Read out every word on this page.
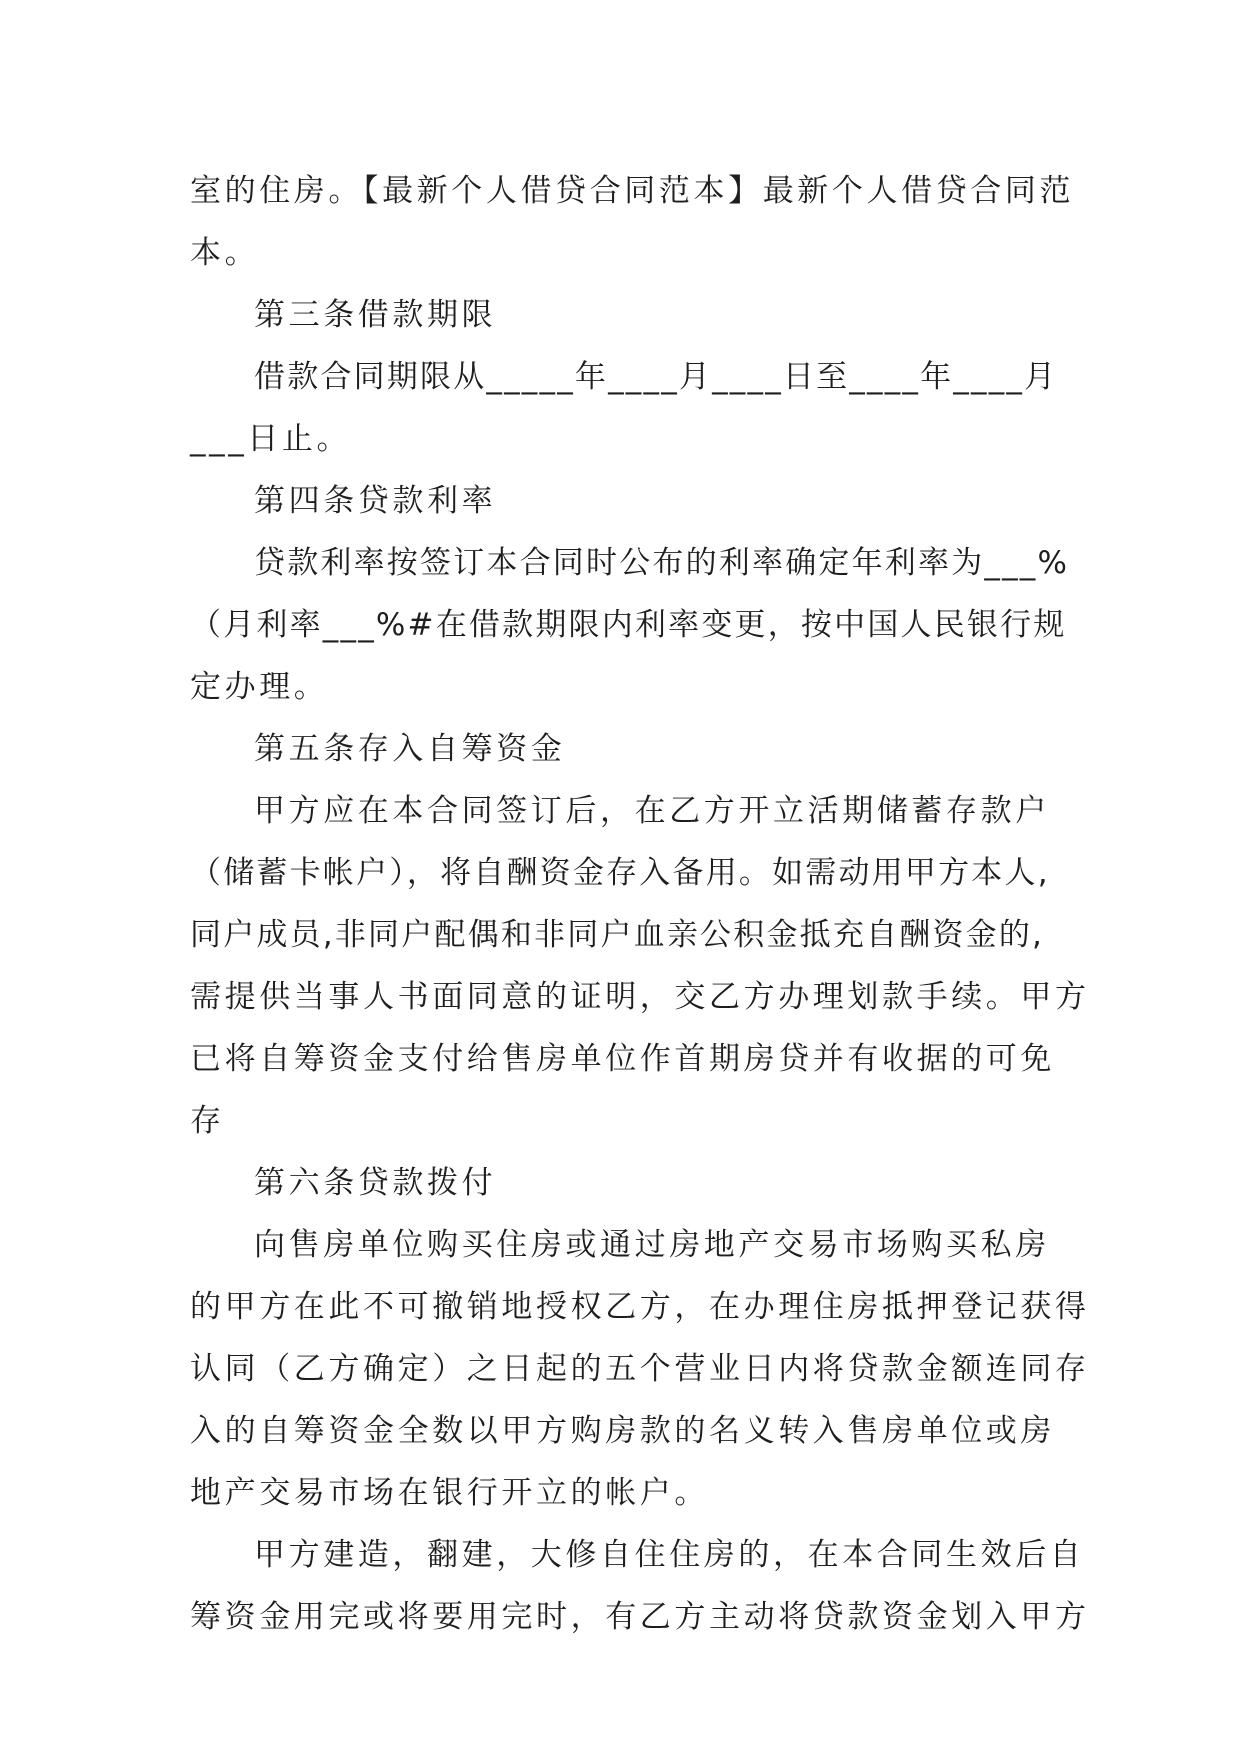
室的住房。【最新个人借贷合同范本】最新个人借贷合同范
本。
第三条借款期限
借款合同期限从_____年____月____日至____年____月
___日止。
第四条贷款利率
贷款利率按签订本合同时公布的利率确定年利率为___%
（月利率___%#在借款期限内利率变更，按中国人民银行规
定办理。
第五条存入自筹资金
甲方应在本合同签订后，在乙方开立活期储蓄存款户
（储蓄卡帐户），将自酬资金存入备用。如需动用甲方本人,
同户成员,非同户配偶和非同户血亲公积金抵充自酬资金的,
需提供当事人书面同意的证明，交乙方办理划款手续。甲方
已将自筹资金支付给售房单位作首期房贷并有收据的可免
存
第六条贷款拨付
向售房单位购买住房或通过房地产交易市场购买私房
的甲方在此不可撤销地授权乙方，在办理住房抵押登记获得
认同（乙方确定）之日起的五个营业日内将贷款金额连同存
入的自筹资金全数以甲方购房款的名义转入售房单位或房
地产交易市场在银行开立的帐户。
甲方建造，翻建，大修自住住房的，在本合同生效后自
筹资金用完或将要用完时，有乙方主动将贷款资金划入甲方
